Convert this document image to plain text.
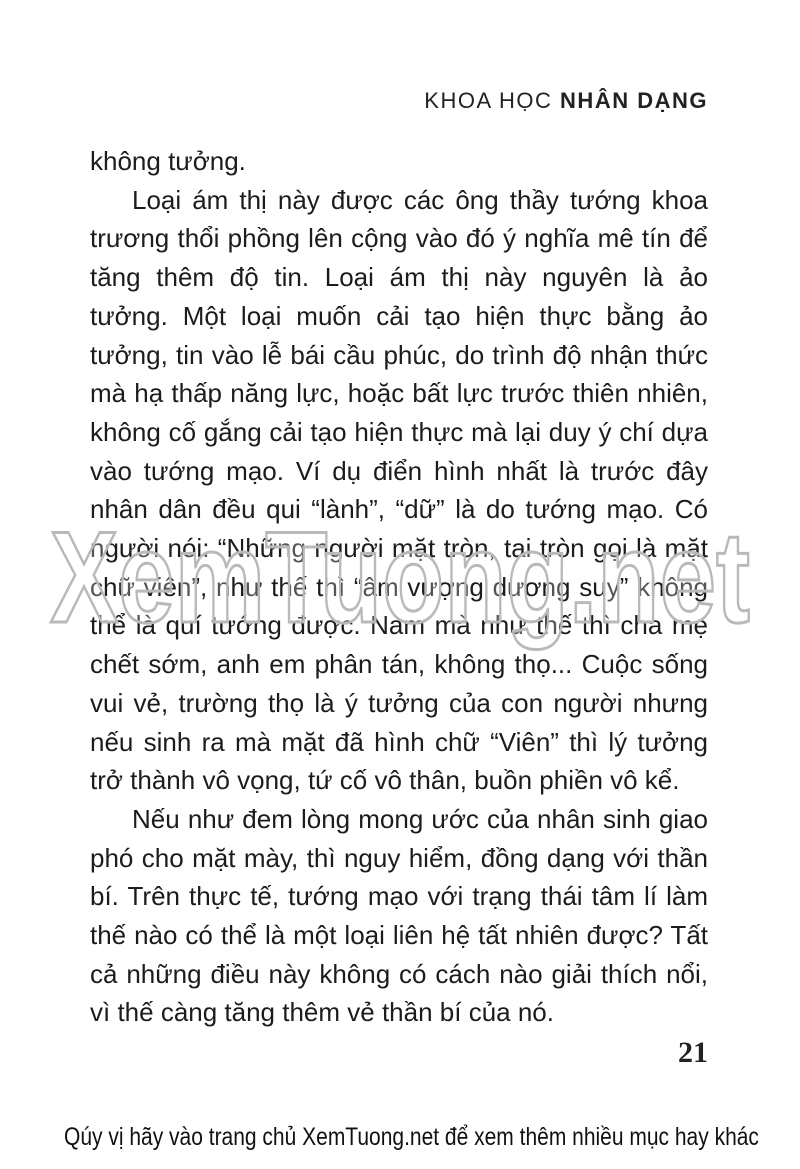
KHOA HỌC NHÂN DẠNG

không tưởng.

Loại ám thị này được các ông thầy tướng khoa trương thổi phồng lên cộng vào đó ý nghĩa mê tín để tăng thêm độ tin. Loại ám thị này nguyên là ảo tưởng. Một loại muốn cải tạo hiện thực bằng ảo tưởng, tin vào lễ bái cầu phúc, do trình độ nhận thức mà hạ thấp năng lực, hoặc bất lực trước thiên nhiên, không cố gắng cải tạo hiện thực mà lại duy ý chí dựa vào tướng mạo. Ví dụ điển hình nhất là trước đây nhân dân đều qui “lành”, “dữ” là do tướng mạo. Có người nói: “Những người mặt tròn, tai tròn gọi là mặt chữ viên”, như thế thì “âm vượng dương suy” không thể là quí tướng được. Nam mà như thế thì cha mẹ chết sớm, anh em phân tán, không thọ... Cuộc sống vui vẻ, trường thọ là ý tưởng của con người nhưng nếu sinh ra mà mặt đã hình chữ “Viên” thì lý tưởng trở thành vô vọng, tứ cố vô thân, buồn phiền vô kể.

Nếu như đem lòng mong ước của nhân sinh giao phó cho mặt mày, thì nguy hiểm, đồng dạng với thần bí. Trên thực tế, tướng mạo với trạng thái tâm lí làm thế nào có thể là một loại liên hệ tất nhiên được? Tất cả những điều này không có cách nào giải thích nổi, vì thế càng tăng thêm vẻ thần bí của nó.

XemTuong.net
21
Qúy vị hãy vào trang chủ XemTuong.net để xem thêm nhiều mục hay khác
